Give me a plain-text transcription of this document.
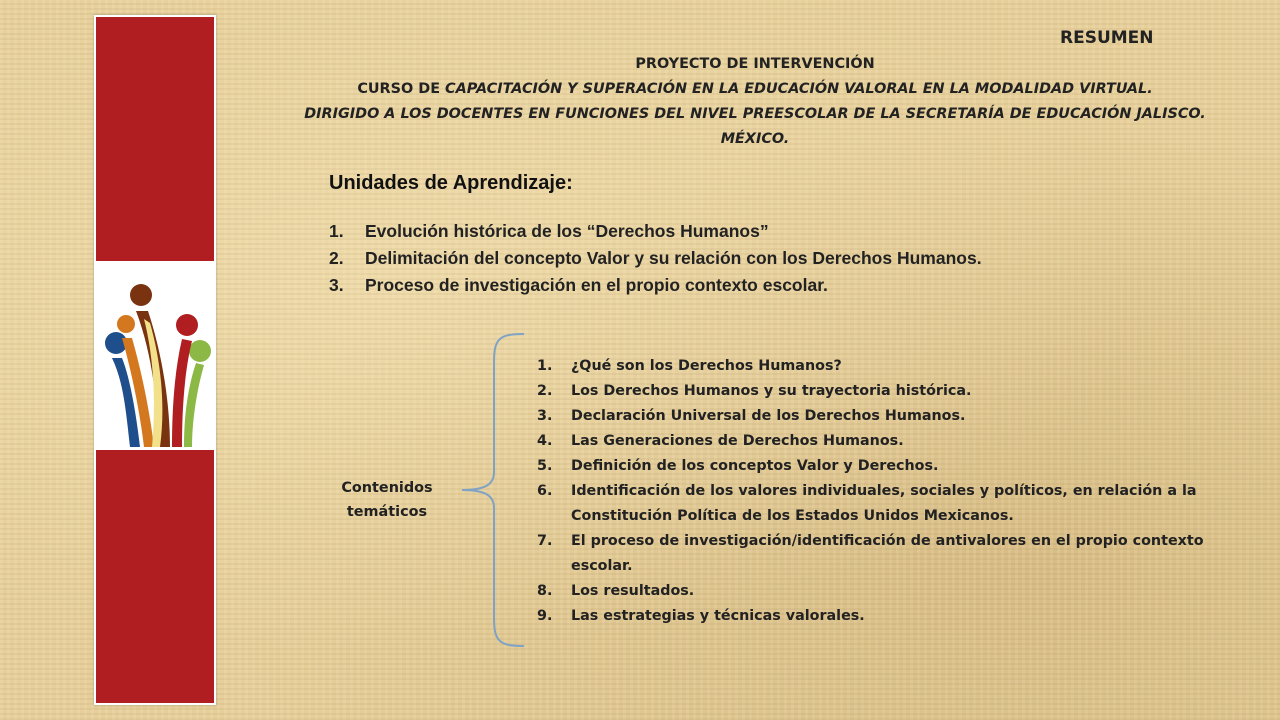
RESUMEN
PROYECTO DE INTERVENCIÓN
CURSO DE CAPACITACIÓN Y SUPERACIÓN EN LA EDUCACIÓN VALORAL EN LA MODALIDAD VIRTUAL.
DIRIGIDO A LOS DOCENTES EN FUNCIONES DEL NIVEL PREESCOLAR DE LA SECRETARÍA DE EDUCACIÓN JALISCO. MÉXICO.
Unidades de Aprendizaje:
1. Evolución histórica de los “Derechos Humanos”
2. Delimitación del concepto Valor y su relación con los Derechos Humanos.
3. Proceso de investigación en el propio contexto escolar.
Contenidos
temáticos
1.	¿Qué son los Derechos Humanos?
2.	Los Derechos Humanos y su trayectoria histórica.
3.	Declaración Universal de los Derechos Humanos.
4.	Las Generaciones de Derechos Humanos.
5.	Definición de los conceptos Valor y Derechos.
6.	Identificación de los valores individuales, sociales y políticos, en relación a la Constitución Política de los Estados Unidos Mexicanos.
7.	El proceso de investigación/identificación de antivalores en el propio contexto escolar.
8.	Los resultados.
9.	Las estrategias y técnicas valorales.
